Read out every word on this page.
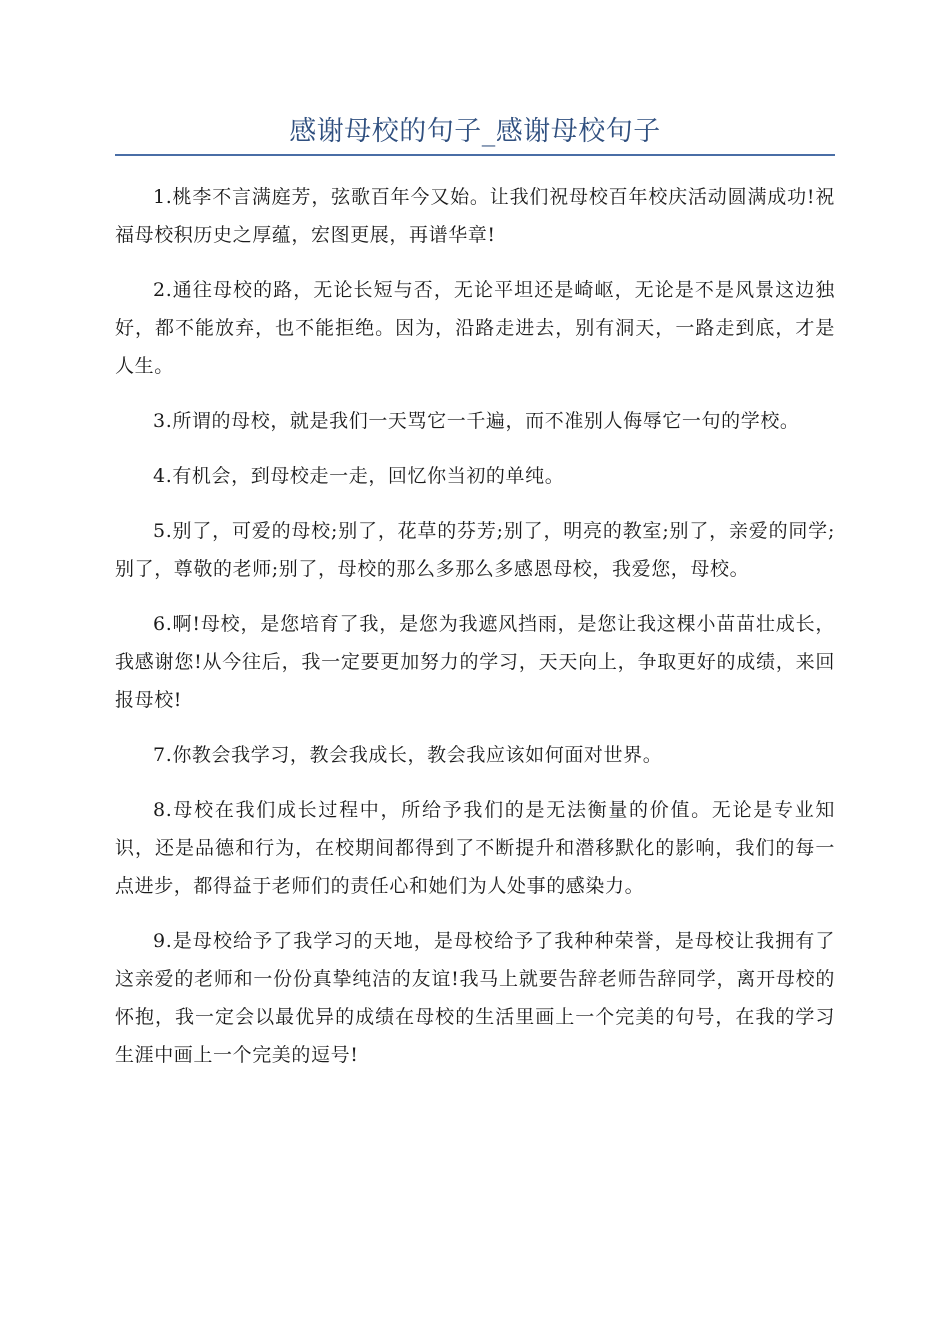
感谢母校的句子_感谢母校句子

1.桃李不言满庭芳，弦歌百年今又始。让我们祝母校百年校庆活动圆满成功!祝福母校积历史之厚蕴，宏图更展，再谱华章!

2.通往母校的路，无论长短与否，无论平坦还是崎岖，无论是不是风景这边独好，都不能放弃，也不能拒绝。因为，沿路走进去，别有洞天，一路走到底，才是人生。

3.所谓的母校，就是我们一天骂它一千遍，而不准别人侮辱它一句的学校。

4.有机会，到母校走一走，回忆你当初的单纯。

5.别了，可爱的母校;别了，花草的芬芳;别了，明亮的教室;别了，亲爱的同学;别了，尊敬的老师;别了，母校的那么多那么多感恩母校，我爱您，母校。

6.啊!母校，是您培育了我，是您为我遮风挡雨，是您让我这棵小苗苗壮成长，我感谢您!从今往后，我一定要更加努力的学习，天天向上，争取更好的成绩，来回报母校!

7.你教会我学习，教会我成长，教会我应该如何面对世界。

8.母校在我们成长过程中，所给予我们的是无法衡量的价值。无论是专业知识，还是品德和行为，在校期间都得到了不断提升和潜移默化的影响，我们的每一点进步，都得益于老师们的责任心和她们为人处事的感染力。

9.是母校给予了我学习的天地，是母校给予了我种种荣誉，是母校让我拥有了这亲爱的老师和一份份真挚纯洁的友谊!我马上就要告辞老师告辞同学，离开母校的怀抱，我一定会以最优异的成绩在母校的生活里画上一个完美的句号，在我的学习生涯中画上一个完美的逗号!
